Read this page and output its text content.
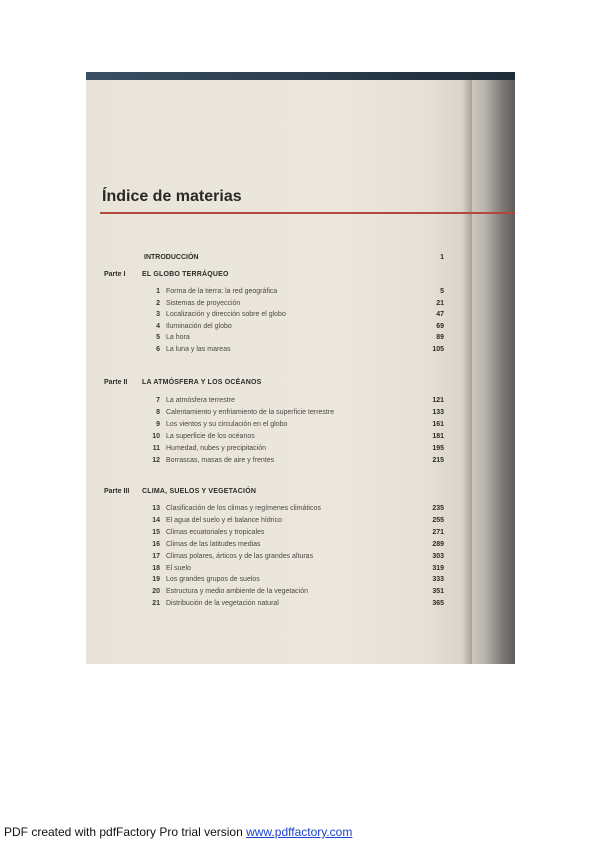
Índice de materias
INTRODUCCIÓN	1
Parte I EL GLOBO TERRÁQUEO
1 Forma de la tierra: la red geográfica	5
2 Sistemas de proyección	21
3 Localización y dirección sobre el globo	47
4 Iluminación del globo	69
5 La hora	89
6 La luna y las mareas	105
Parte II LA ATMÓSFERA Y LOS OCÉANOS
7 La atmósfera terrestre	121
8 Calentamiento y enfriamiento de la superficie terrestre	133
9 Los vientos y su circulación en el globo	161
10 La superficie de los océanos	181
11 Humedad, nubes y precipitación	195
12 Borrascas, masas de aire y frentes	215
Parte III CLIMA, SUELOS Y VEGETACIÓN
13 Clasificación de los climas y regímenes climáticos	235
14 El agua del suelo y el balance hídrico	255
15 Climas ecuatoriales y tropicales	271
16 Climas de las latitudes medias	289
17 Climas polares, árticos y de las grandes alturas	303
18 El suelo	319
19 Los grandes grupos de suelos	333
20 Estructura y medio ambiente de la vegetación	351
21 Distribución de la vegetación natural	365
PDF created with pdfFactory Pro trial version www.pdffactory.com
